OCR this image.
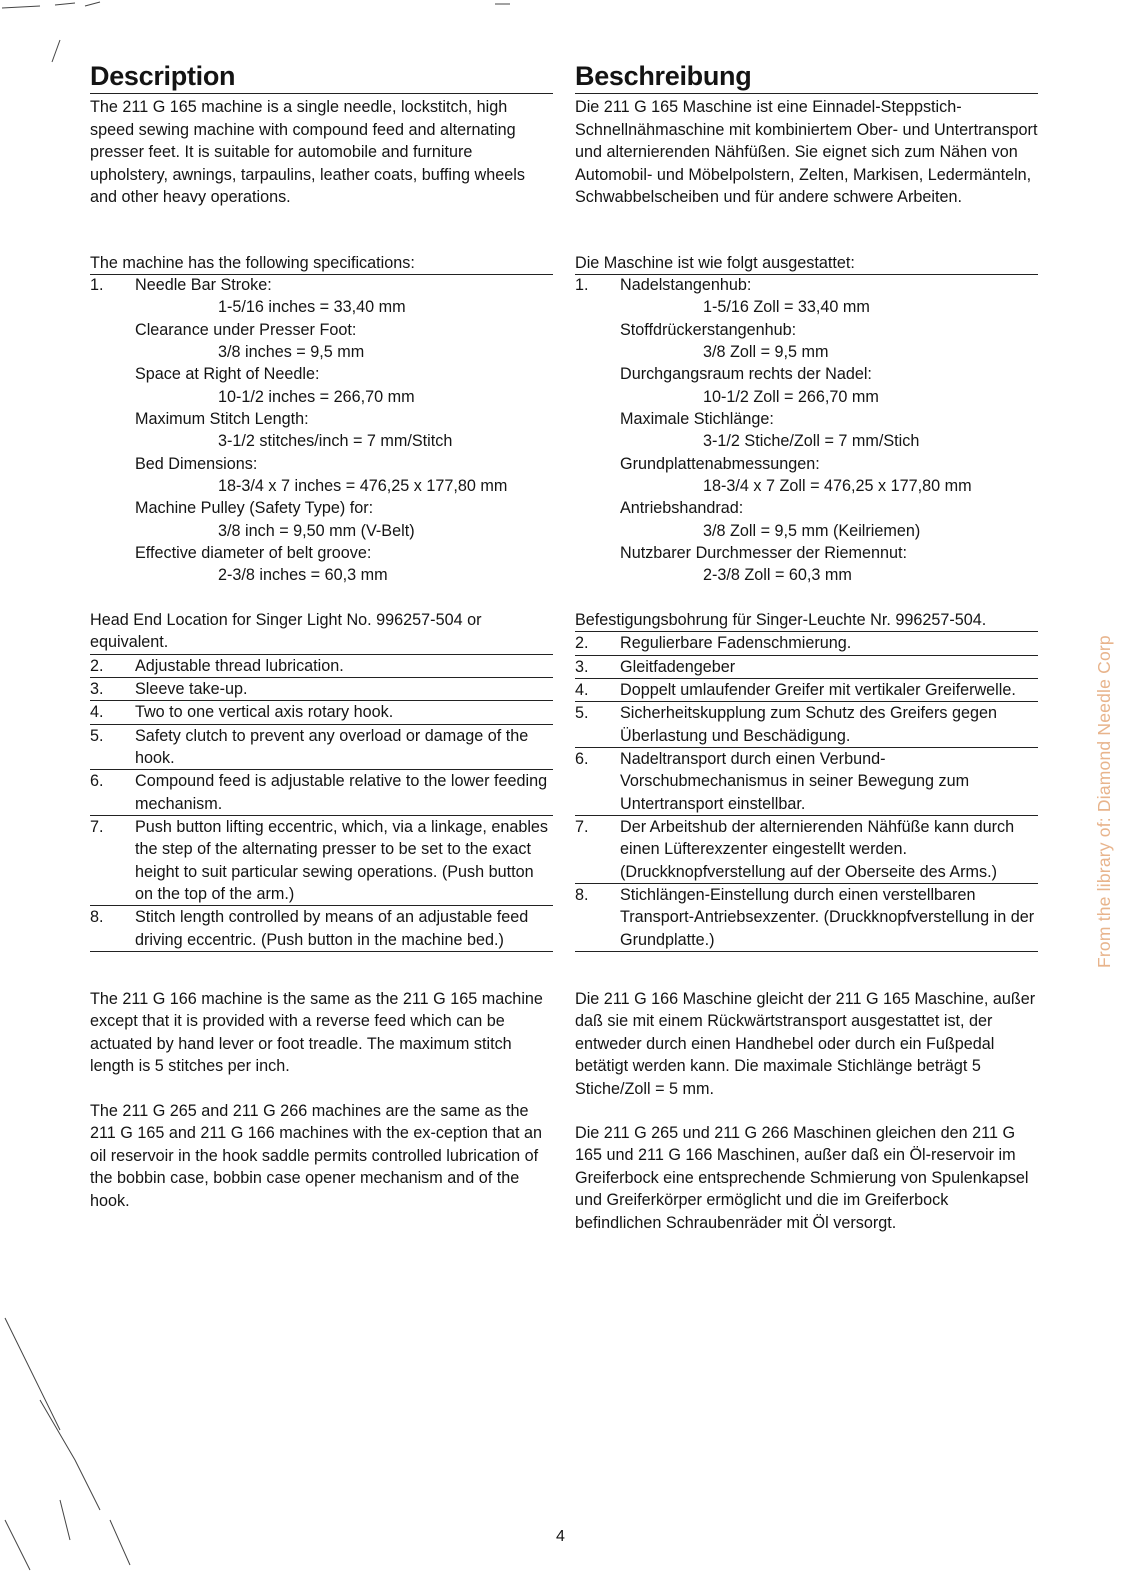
Description

The 211 G 165 machine is a single needle, lockstitch, high speed sewing machine with compound feed and alternating presser feet. It is suitable for automobile and furniture upholstery, awnings, tarpaulins, leather coats, buffing wheels and other heavy operations.

The machine has the following specifications:
1. Needle Bar Stroke:
1-5/16 inches = 33,40 mm
Clearance under Presser Foot:
3/8 inches = 9,5 mm
Space at Right of Needle:
10-1/2 inches = 266,70 mm
Maximum Stitch Length:
3-1/2 stitches/inch = 7 mm/Stitch
Bed Dimensions:
18-3/4 x 7 inches = 476,25 x 177,80 mm
Machine Pulley (Safety Type) for:
3/8 inch = 9,50 mm (V-Belt)
Effective diameter of belt groove:
2-3/8 inches = 60,3 mm
Head End Location for Singer Light No. 996257-504 or equivalent.
2. Adjustable thread lubrication.
3. Sleeve take-up.
4. Two to one vertical axis rotary hook.
5. Safety clutch to prevent any overload or damage of the hook.
6. Compound feed is adjustable relative to the lower feeding mechanism.
7. Push button lifting eccentric, which, via a linkage, enables the step of the alternating presser to be set to the exact height to suit particular sewing operations. (Push button on the top of the arm.)
8. Stitch length controlled by means of an adjustable feed driving eccentric. (Push button in the machine bed.)

The 211 G 166 machine is the same as the 211 G 165 machine except that it is provided with a reverse feed which can be actuated by hand lever or foot treadle. The maximum stitch length is 5 stitches per inch.

The 211 G 265 and 211 G 266 machines are the same as the 211 G 165 and 211 G 166 machines with the ex-ception that an oil reservoir in the hook saddle permits controlled lubrication of the bobbin case, bobbin case opener mechanism and of the hook.

Beschreibung

Die 211 G 165 Maschine ist eine Einnadel-Steppstich-Schnellnähmaschine mit kombiniertem Ober- und Untertransport und alternierenden Nähfüßen. Sie eignet sich zum Nähen von Automobil- und Möbelpolstern, Zelten, Markisen, Ledermänteln, Schwabbelscheiben und für andere schwere Arbeiten.

Die Maschine ist wie folgt ausgestattet:
1. Nadelstangenhub:
1-5/16 Zoll = 33,40 mm
Stoffdrückerstangenhub:
3/8 Zoll = 9,5 mm
Durchgangsraum rechts der Nadel:
10-1/2 Zoll = 266,70 mm
Maximale Stichlänge:
3-1/2 Stiche/Zoll = 7 mm/Stich
Grundplattenabmessungen:
18-3/4 x 7 Zoll = 476,25 x 177,80 mm
Antriebshandrad:
3/8 Zoll = 9,5 mm (Keilriemen)
Nutzbarer Durchmesser der Riemennut:
2-3/8 Zoll = 60,3 mm
Befestigungsbohrung für Singer-Leuchte Nr. 996257-504.
2. Regulierbare Fadenschmierung.
3. Gleitfadengeber
4. Doppelt umlaufender Greifer mit vertikaler Greiferwelle.
5. Sicherheitskupplung zum Schutz des Greifers gegen Überlastung und Beschädigung.
6. Nadeltransport durch einen Verbund-Vorschubmechanismus in seiner Bewegung zum Untertransport einstellbar.
7. Der Arbeitshub der alternierenden Nähfüße kann durch einen Lüfterexzenter eingestellt werden. (Druckknopfverstellung auf der Oberseite des Arms.)
8. Stichlängen-Einstellung durch einen verstellbaren Transport-Antriebsexzenter. (Druckknopfverstellung in der Grundplatte.)

Die 211 G 166 Maschine gleicht der 211 G 165 Maschine, außer daß sie mit einem Rückwärtstransport ausgestattet ist, der entweder durch einen Handhebel oder durch ein Fußpedal betätigt werden kann. Die maximale Stichlänge beträgt 5 Stiche/Zoll = 5 mm.

Die 211 G 265 und 211 G 266 Maschinen gleichen den 211 G 165 und 211 G 166 Maschinen, außer daß ein Öl-reservoir im Greiferbock eine entsprechende Schmierung von Spulenkapsel und Greiferkörper ermöglicht und die im Greiferbock befindlichen Schraubenräder mit Öl versorgt.

From the library of: Diamond Needle Corp
4
